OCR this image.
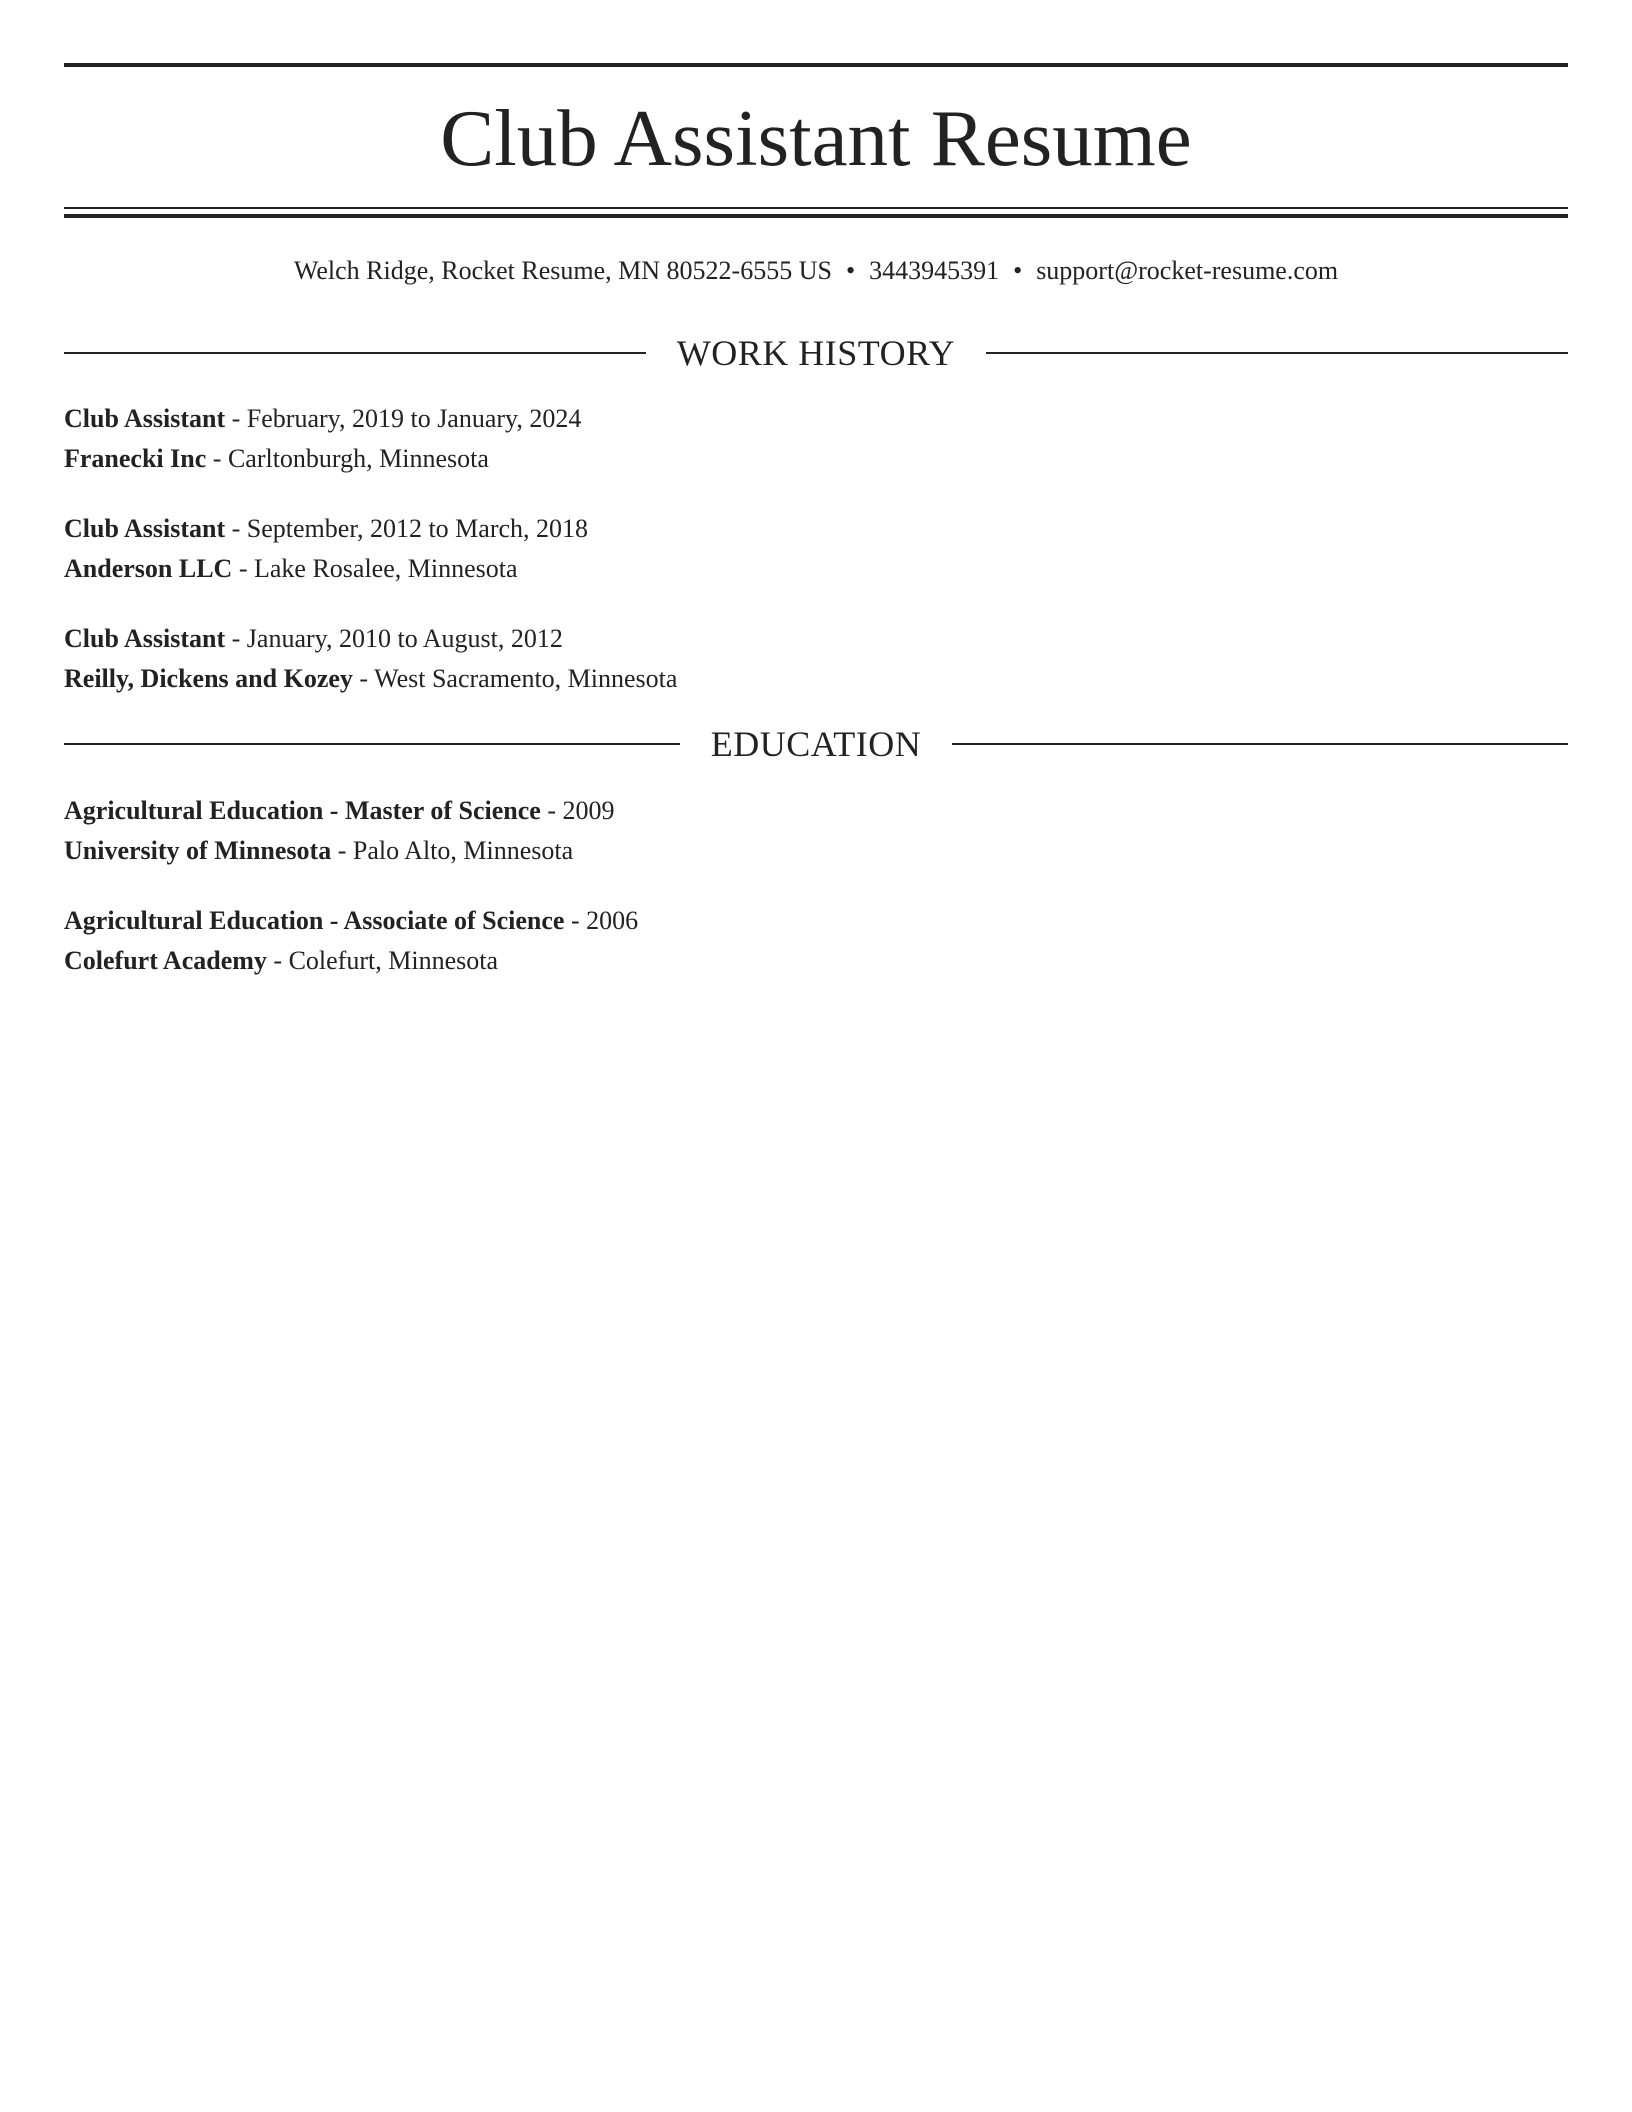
Club Assistant Resume
Welch Ridge, Rocket Resume, MN 80522-6555 US • 3443945391 • support@rocket-resume.com
WORK HISTORY
Club Assistant - February, 2019 to January, 2024
Franecki Inc - Carltonburgh, Minnesota
Club Assistant - September, 2012 to March, 2018
Anderson LLC - Lake Rosalee, Minnesota
Club Assistant - January, 2010 to August, 2012
Reilly, Dickens and Kozey - West Sacramento, Minnesota
EDUCATION
Agricultural Education - Master of Science - 2009
University of Minnesota - Palo Alto, Minnesota
Agricultural Education - Associate of Science - 2006
Colefurt Academy - Colefurt, Minnesota
